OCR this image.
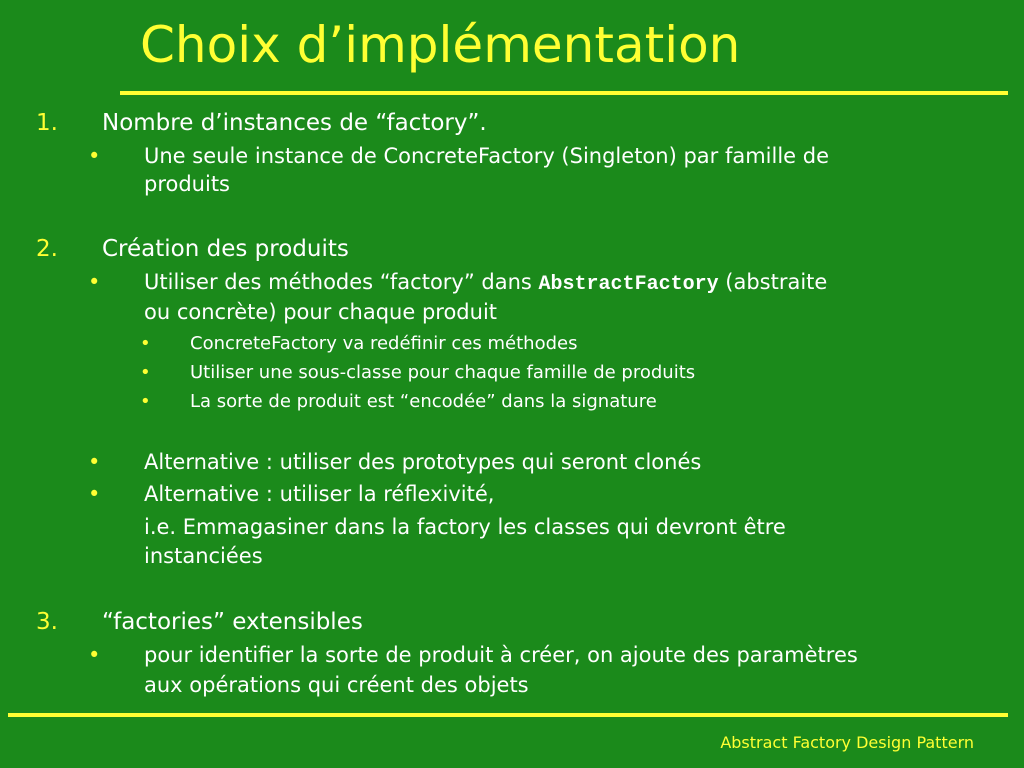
Choix d’implémentation
1. Nombre d’instances de “factory”.
• Une seule instance de ConcreteFactory (Singleton) par famille de
produits
2. Création des produits
• Utiliser des méthodes “factory” dans AbstractFactory (abstraite
ou concrète) pour chaque produit
• ConcreteFactory va redéfinir ces méthodes
• Utiliser une sous-classe pour chaque famille de produits
• La sorte de produit est “encodée” dans la signature
• Alternative : utiliser des prototypes qui seront clonés
• Alternative : utiliser la réflexivité,
i.e. Emmagasiner dans la factory les classes qui devront être
instanciées
3. “factories” extensibles
• pour identifier la sorte de produit à créer, on ajoute des paramètres
aux opérations qui créent des objets
Abstract Factory Design Pattern
